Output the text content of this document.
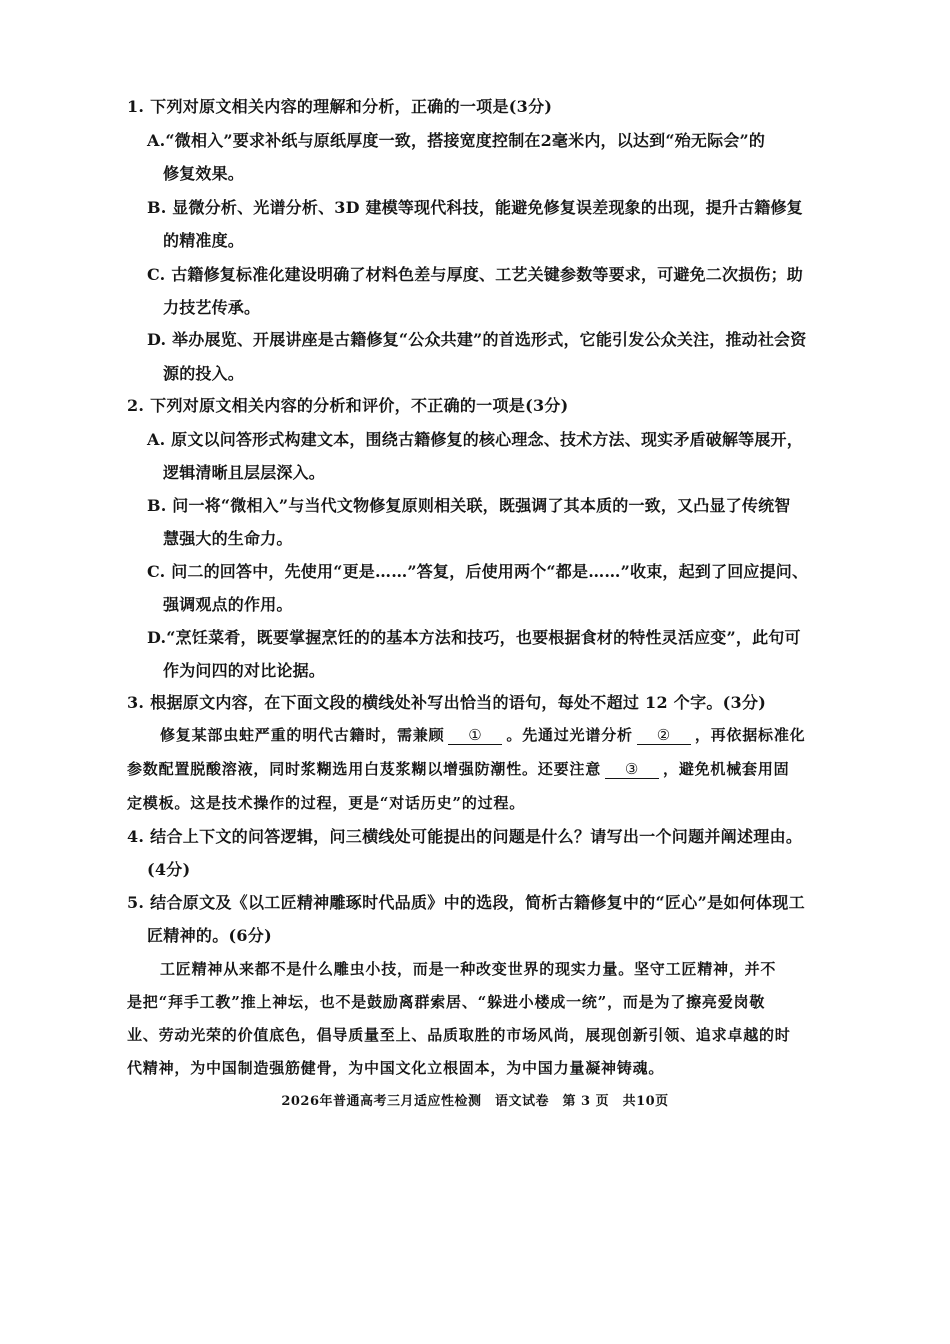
1. 下列对原文相关内容的理解和分析，正确的一项是(3分)

A.“微相入”要求补纸与原纸厚度一致，搭接宽度控制在2毫米内，以达到“殆无际会”的

修复效果。

B. 显微分析、光谱分析、3D 建模等现代科技，能避免修复误差现象的出现，提升古籍修复

的精准度。

C. 古籍修复标准化建设明确了材料色差与厚度、工艺关键参数等要求，可避免二次损伤；助

力技艺传承。

D. 举办展览、开展讲座是古籍修复“公众共建”的首选形式，它能引发公众关注，推动社会资

源的投入。

2. 下列对原文相关内容的分析和评价，不正确的一项是(3分)

A. 原文以问答形式构建文本，围绕古籍修复的核心理念、技术方法、现实矛盾破解等展开，

逻辑清晰且层层深入。

B. 问一将“微相入”与当代文物修复原则相关联，既强调了其本质的一致，又凸显了传统智

慧强大的生命力。

C. 问二的回答中，先使用“更是……”答复，后使用两个“都是……”收束，起到了回应提问、

强调观点的作用。

D.“烹饪菜肴，既要掌握烹饪的的基本方法和技巧，也要根据食材的特性灵活应变”，此句可

作为问四的对比论据。

3. 根据原文内容，在下面文段的横线处补写出恰当的语句，每处不超过 12 个字。(3分)

修复某部虫蛀严重的明代古籍时，需兼顾 ① 。先通过光谱分析 ② ，再依据标准化

参数配置脱酸溶液，同时浆糊选用白芨浆糊以增强防潮性。还要注意 ③ ，避免机械套用固

定模板。这是技术操作的过程，更是“对话历史”的过程。

4. 结合上下文的问答逻辑，问三横线处可能提出的问题是什么？请写出一个问题并阐述理由。

(4分)

5. 结合原文及《以工匠精神雕琢时代品质》中的选段，简析古籍修复中的“匠心”是如何体现工

匠精神的。(6分)

工匠精神从来都不是什么雕虫小技，而是一种改变世界的现实力量。坚守工匠精神，并不

是把“拜手工教”推上神坛，也不是鼓励离群索居、“躲进小楼成一统”，而是为了擦亮爱岗敬

业、劳动光荣的价值底色，倡导质量至上、品质取胜的市场风尚，展现创新引领、追求卓越的时

代精神，为中国制造强筋健骨，为中国文化立根固本，为中国力量凝神铸魂。

2026年普通高考三月适应性检测　语文试卷　第 3 页　共10页
